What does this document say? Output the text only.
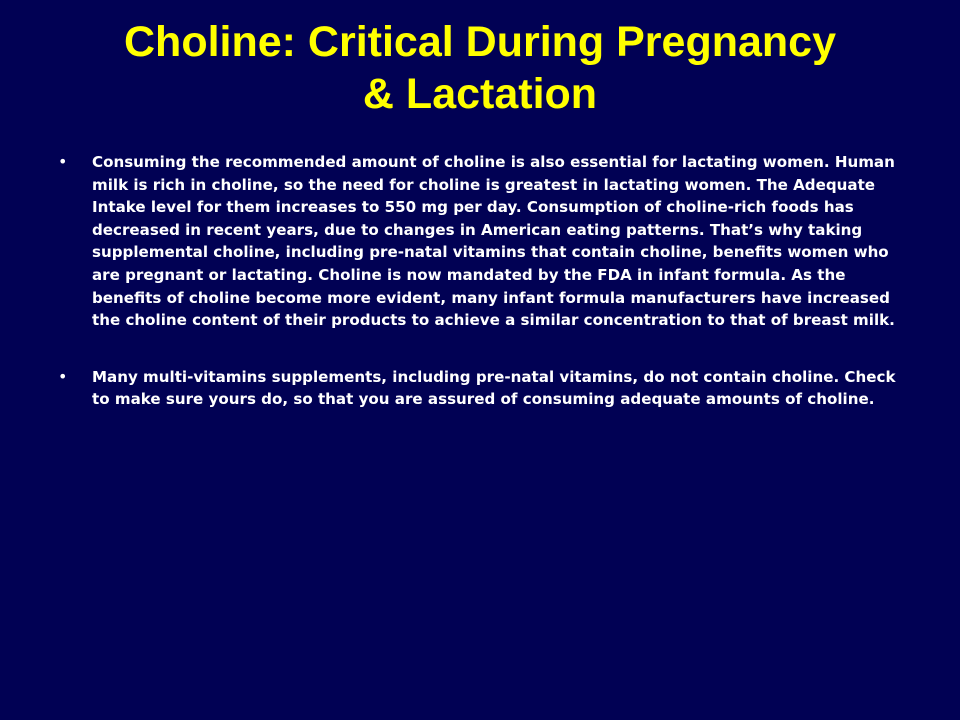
Choline: Critical During Pregnancy
& Lactation
• Consuming the recommended amount of choline is also essential for lactating women. Human milk is rich in choline, so the need for choline is greatest in lactating women. The Adequate Intake level for them increases to 550 mg per day. Consumption of choline-rich foods has decreased in recent years, due to changes in American eating patterns. That’s why taking supplemental choline, including pre-natal vitamins that contain choline, benefits women who are pregnant or lactating. Choline is now mandated by the FDA in infant formula. As the benefits of choline become more evident, many infant formula manufacturers have increased the choline content of their products to achieve a similar concentration to that of breast milk.
• Many multi-vitamins supplements, including pre-natal vitamins, do not contain choline. Check to make sure yours do, so that you are assured of consuming adequate amounts of choline.
